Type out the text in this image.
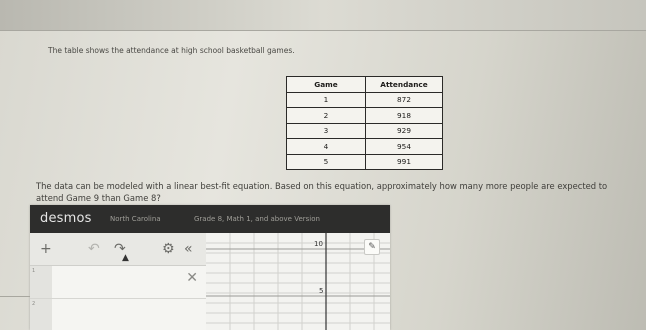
The table shows the attendance at high school basketball games.
Game	Attendance
1	872
2	918
3	929
4	954
5	991
The data can be modeled with a linear best-fit equation. Based on this equation, approximately how many more people are expected to
attend Game 9 than Game 8?
desmos	North Carolina	Grade 8, Math 1, and above Version
+	↶ ↷
▲
⚙ «
1	✕
2
10
5
✎
